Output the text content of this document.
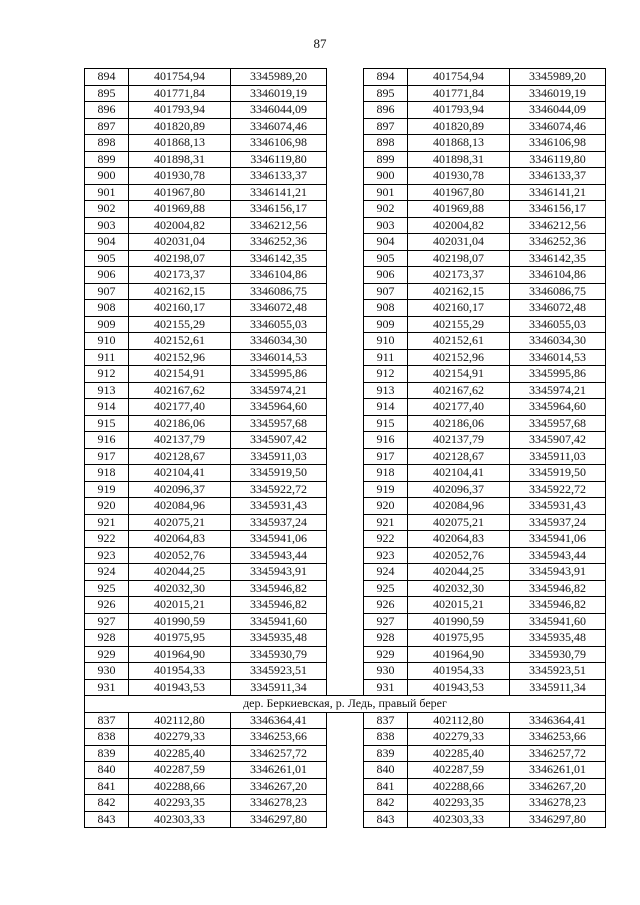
87
894	401754,94	3345989,20		894	401754,94	3345989,20
895	401771,84	3346019,19		895	401771,84	3346019,19
896	401793,94	3346044,09		896	401793,94	3346044,09
897	401820,89	3346074,46		897	401820,89	3346074,46
898	401868,13	3346106,98		898	401868,13	3346106,98
899	401898,31	3346119,80		899	401898,31	3346119,80
900	401930,78	3346133,37		900	401930,78	3346133,37
901	401967,80	3346141,21		901	401967,80	3346141,21
902	401969,88	3346156,17		902	401969,88	3346156,17
903	402004,82	3346212,56		903	402004,82	3346212,56
904	402031,04	3346252,36		904	402031,04	3346252,36
905	402198,07	3346142,35		905	402198,07	3346142,35
906	402173,37	3346104,86		906	402173,37	3346104,86
907	402162,15	3346086,75		907	402162,15	3346086,75
908	402160,17	3346072,48		908	402160,17	3346072,48
909	402155,29	3346055,03		909	402155,29	3346055,03
910	402152,61	3346034,30		910	402152,61	3346034,30
911	402152,96	3346014,53		911	402152,96	3346014,53
912	402154,91	3345995,86		912	402154,91	3345995,86
913	402167,62	3345974,21		913	402167,62	3345974,21
914	402177,40	3345964,60		914	402177,40	3345964,60
915	402186,06	3345957,68		915	402186,06	3345957,68
916	402137,79	3345907,42		916	402137,79	3345907,42
917	402128,67	3345911,03		917	402128,67	3345911,03
918	402104,41	3345919,50		918	402104,41	3345919,50
919	402096,37	3345922,72		919	402096,37	3345922,72
920	402084,96	3345931,43		920	402084,96	3345931,43
921	402075,21	3345937,24		921	402075,21	3345937,24
922	402064,83	3345941,06		922	402064,83	3345941,06
923	402052,76	3345943,44		923	402052,76	3345943,44
924	402044,25	3345943,91		924	402044,25	3345943,91
925	402032,30	3345946,82		925	402032,30	3345946,82
926	402015,21	3345946,82		926	402015,21	3345946,82
927	401990,59	3345941,60		927	401990,59	3345941,60
928	401975,95	3345935,48		928	401975,95	3345935,48
929	401964,90	3345930,79		929	401964,90	3345930,79
930	401954,33	3345923,51		930	401954,33	3345923,51
931	401943,53	3345911,34		931	401943,53	3345911,34
дер. Беркиевская, р. Ледь, правый берег						
837	402112,80	3346364,41		837	402112,80	3346364,41
838	402279,33	3346253,66		838	402279,33	3346253,66
839	402285,40	3346257,72		839	402285,40	3346257,72
840	402287,59	3346261,01		840	402287,59	3346261,01
841	402288,66	3346267,20		841	402288,66	3346267,20
842	402293,35	3346278,23		842	402293,35	3346278,23
843	402303,33	3346297,80		843	402303,33	3346297,80
